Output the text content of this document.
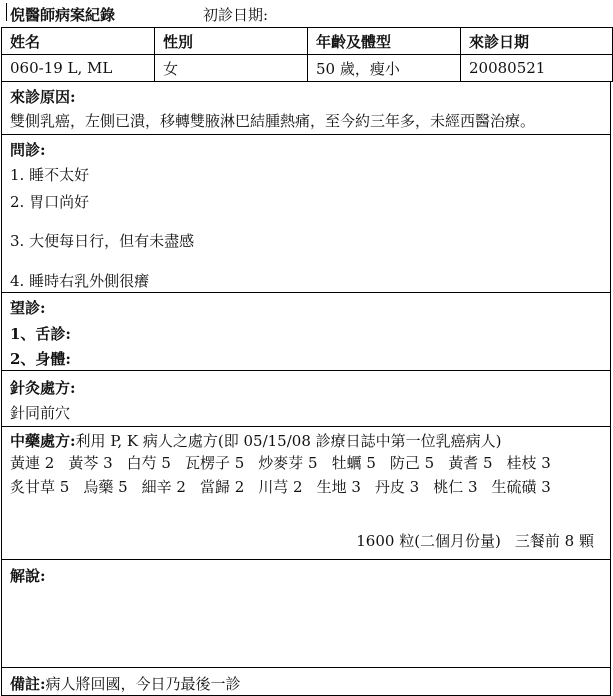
倪醫師病案紀錄	初診日期:
姓名	性別	年齡及體型	來診日期
060-19 L, ML	女	50 歲，瘦小	20080521
來診原因:
雙側乳癌，左側已潰，移轉雙腋淋巴結腫熱痛，至今約三年多，未經西醫治療。
問診:
1. 睡不太好
2. 胃口尚好
3. 大便每日行，但有未盡感
4. 睡時右乳外側很癢
望診:
1、舌診:
2、身體:
針灸處方:
針同前穴
中藥處方:利用 P, K 病人之處方(即 05/15/08 診療日誌中第一位乳癌病人)
黃連 2 黃芩 3 白芍 5 瓦楞子 5 炒麥芽 5 牡蠣 5 防己 5 黃耆 5 桂枝 3炙甘草 5 烏藥 5 細辛 2 當歸 2 川芎 2 生地 3 丹皮 3 桃仁 3 生硫磺 3
1600 粒(二個月份量) 三餐前 8 顆
解說:
備註:病人將回國，今日乃最後一診
